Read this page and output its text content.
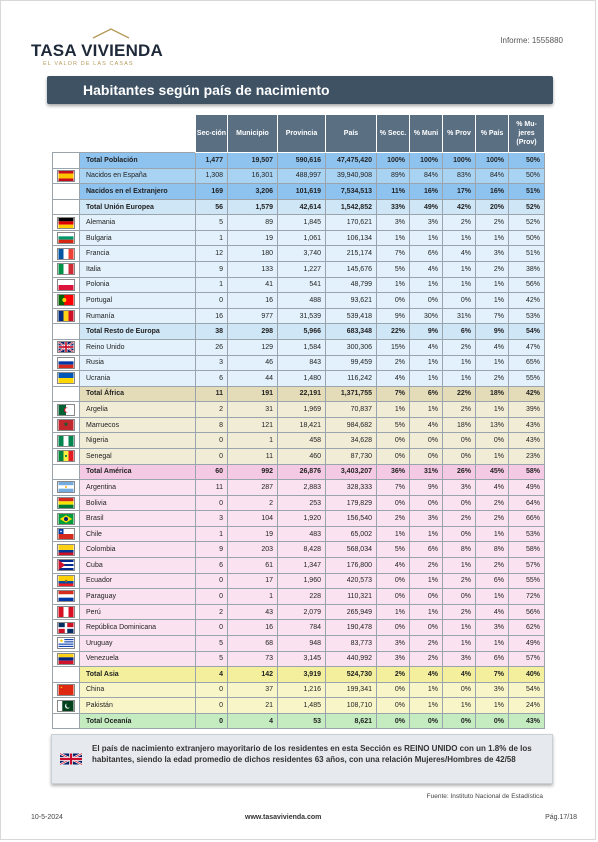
TASA VIVIENDA
EL VALOR DE LAS CASAS
Informe: 1555880
Habitantes según país de nacimiento
		Sec-ción	Municipio	Provincia	País	% Secc.	% Muni	% Prov	% País	% Mu-jeres (Prov)
	Total Población	1,477	19,507	590,616	47,475,420	100%	100%	100%	100%	50%
	Nacidos en España	1,308	16,301	488,997	39,940,908	89%	84%	83%	84%	50%
	Nacidos en el Extranjero	169	3,206	101,619	7,534,513	11%	16%	17%	16%	51%
	Total Unión Europea	56	1,579	42,614	1,542,852	33%	49%	42%	20%	52%
	Alemania	5	89	1,845	170,621	3%	3%	2%	2%	52%
	Bulgaria	1	19	1,061	106,134	1%	1%	1%	1%	50%
	Francia	12	180	3,740	215,174	7%	6%	4%	3%	51%
	Italia	9	133	1,227	145,676	5%	4%	1%	2%	38%
	Polonia	1	41	541	48,799	1%	1%	1%	1%	56%
	Portugal	0	16	488	93,621	0%	0%	0%	1%	42%
	Rumanía	16	977	31,539	539,418	9%	30%	31%	7%	53%
	Total Resto de Europa	38	298	5,966	683,348	22%	9%	6%	9%	54%
	Reino Unido	26	129	1,584	300,306	15%	4%	2%	4%	47%
	Rusia	3	46	843	99,459	2%	1%	1%	1%	65%
	Ucrania	6	44	1,480	116,242	4%	1%	1%	2%	55%
	Total África	11	191	22,191	1,371,755	7%	6%	22%	18%	42%
	Argelia	2	31	1,969	70,837	1%	1%	2%	1%	39%
	Marruecos	8	121	18,421	984,682	5%	4%	18%	13%	43%
	Nigeria	0	1	458	34,628	0%	0%	0%	0%	43%
	Senegal	0	11	460	87,730	0%	0%	0%	1%	23%
	Total América	60	992	26,876	3,403,207	36%	31%	26%	45%	58%
	Argentina	11	287	2,883	328,333	7%	9%	3%	4%	49%
	Bolivia	0	2	253	179,829	0%	0%	0%	2%	64%
	Brasil	3	104	1,920	156,540	2%	3%	2%	2%	66%
	Chile	1	19	483	65,002	1%	1%	0%	1%	53%
	Colombia	9	203	8,428	568,034	5%	6%	8%	8%	58%
	Cuba	6	61	1,347	176,800	4%	2%	1%	2%	57%
	Ecuador	0	17	1,960	420,573	0%	1%	2%	6%	55%
	Paraguay	0	1	228	110,321	0%	0%	0%	1%	72%
	Perú	2	43	2,079	265,949	1%	1%	2%	4%	56%
	República Dominicana	0	16	784	190,478	0%	0%	1%	3%	62%
	Uruguay	5	68	948	83,773	3%	2%	1%	1%	49%
	Venezuela	5	73	3,145	440,992	3%	2%	3%	6%	57%
	Total Asia	4	142	3,919	524,730	2%	4%	4%	7%	40%
	China	0	37	1,216	199,341	0%	1%	0%	3%	54%
	Pakistán	0	21	1,485	108,710	0%	1%	1%	1%	24%
	Total Oceanía	0	4	53	8,621	0%	0%	0%	0%	43%

El país de nacimiento extranjero mayoritario de los residentes en esta Sección es REINO UNIDO con un 1.8% de los habitantes, siendo la edad promedio de dichos residentes 63 años, con una relación Mujeres/Hombres de 42/58

Fuente: Instituto Nacional de Estadística
10-5-2024	www.tasavivienda.com	Pág.17/18
